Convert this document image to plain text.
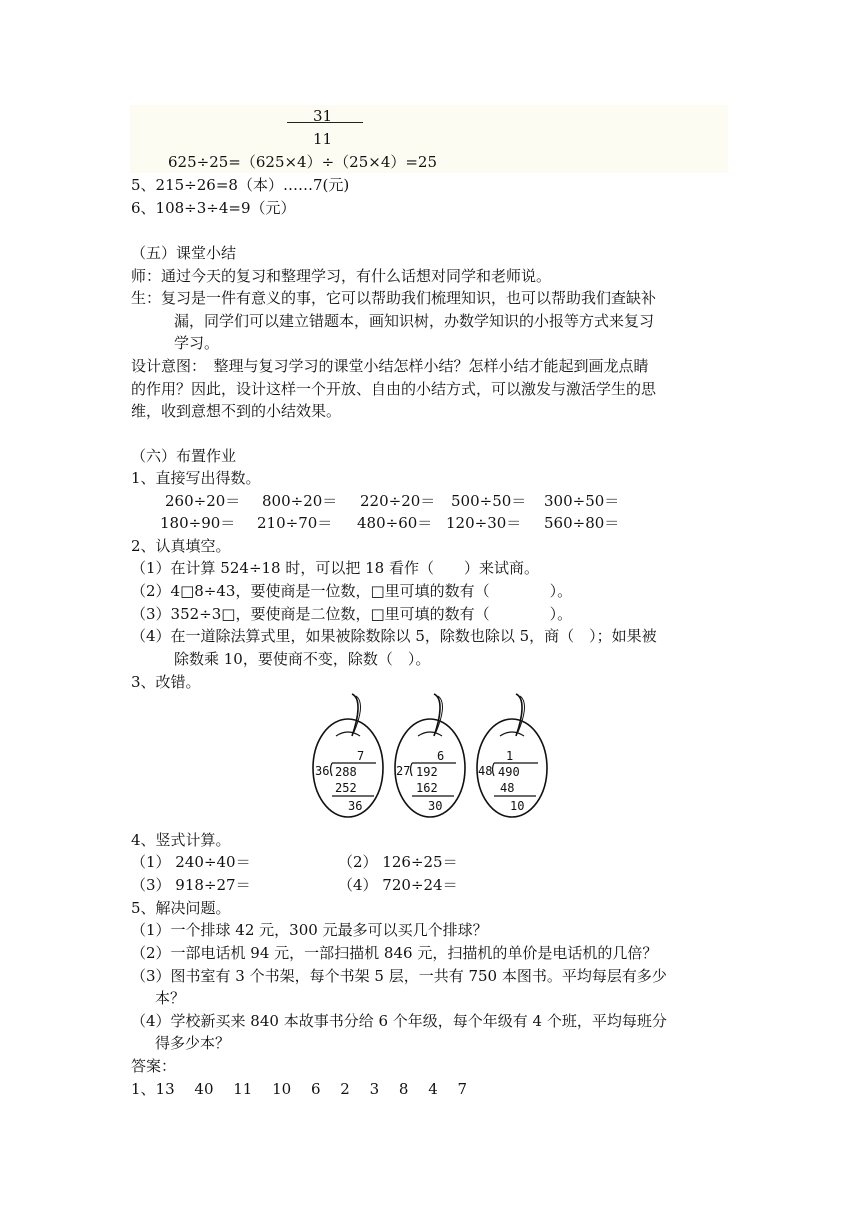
31
11
625÷25=（625×4）÷（25×4）=25
5、215÷26=8（本）……7(元)
6、108÷3÷4=9（元）
（五）课堂小结
师：通过今天的复习和整理学习，有什么话想对同学和老师说。
生：复习是一件有意义的事，它可以帮助我们梳理知识，也可以帮助我们查缺补
漏，同学们可以建立错题本，画知识树，办数学知识的小报等方式来复习
学习。
设计意图：　整理与复习学习的课堂小结怎样小结？怎样小结才能起到画龙点睛
的作用？因此，设计这样一个开放、自由的小结方式，可以激发与激活学生的思
维，收到意想不到的小结效果。
（六）布置作业
1、直接写出得数。
260÷20＝ 800÷20＝ 220÷20＝ 500÷50＝ 300÷50＝
180÷90＝ 210÷70＝ 480÷60＝ 120÷30＝ 560÷80＝
2、认真填空。
（1）在计算 524÷18 时，可以把 18 看作（　　）来试商。
（2）4□8÷43，要使商是一位数，□里可填的数有（　　　　）。
（3）352÷3□，要使商是二位数，□里可填的数有（　　　　）。
（4）在一道除法算式里，如果被除数除以 5，除数也除以 5，商（　）；如果被
除数乘 10，要使商不变，除数（　）。
3、改错。
7
36 288
252
36
6
27 192
162
30
1
48 490
48
10
4、竖式计算。
（1） 240÷40＝	（2） 126÷25＝
（3） 918÷27＝	（4） 720÷24＝
5、解决问题。
（1）一个排球 42 元，300 元最多可以买几个排球？
（2）一部电话机 94 元，一部扫描机 846 元，扫描机的单价是电话机的几倍？
（3）图书室有 3 个书架，每个书架 5 层，一共有 750 本图书。平均每层有多少
本？
（4）学校新买来 840 本故事书分给 6 个年级，每个年级有 4 个班，平均每班分
得多少本？
答案：
1、13　 40　 11　 10　 6　 2　 3　 8　 4　 7
